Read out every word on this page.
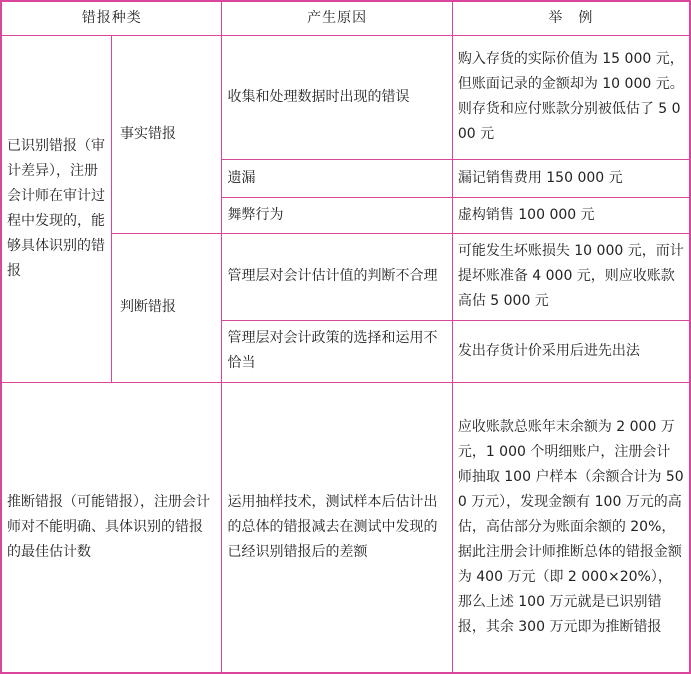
错报种类		产生原因	举　例
已识别错报（审计差异），注册会计师在审计过程中发现的，能够具体识别的错报	事实错报	收集和处理数据时出现的错误	购入存货的实际价值为 15 000 元，但账面记录的金额却为 10 000 元。则存货和应付账款分别被低估了 5 000 元
		遗漏	漏记销售费用 150 000 元
		舞弊行为	虚构销售 100 000 元
	判断错报	管理层对会计估计值的判断不合理	可能发生坏账损失 10 000 元，而计提坏账准备 4 000 元，则应收账款高估 5 000 元
		管理层对会计政策的选择和运用不恰当	发出存货计价采用后进先出法
推断错报（可能错报），注册会计师对不能明确、具体识别的错报的最佳估计数		运用抽样技术，测试样本后估计出的总体的错报减去在测试中发现的已经识别错报后的差额	应收账款总账年末余额为 2 000 万元，1 000 个明细账户，注册会计师抽取 100 户样本（余额合计为 500 万元），发现金额有 100 万元的高估，高估部分为账面余额的 20%，据此注册会计师推断总体的错报金额为 400 万元（即 2 000×20%），那么上述 100 万元就是已识别错报，其余 300 万元即为推断错报
